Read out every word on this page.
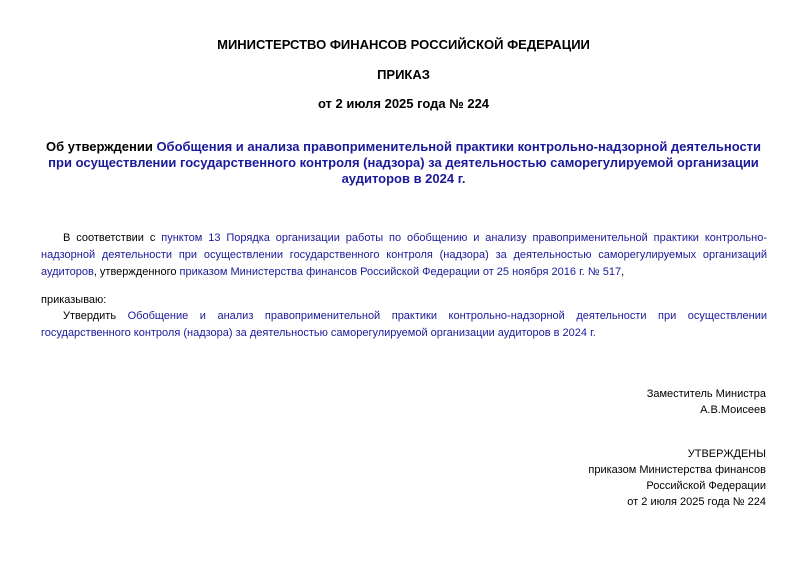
МИНИСТЕРСТВО ФИНАНСОВ РОССИЙСКОЙ ФЕДЕРАЦИИ
ПРИКАЗ
от 2 июля 2025 года № 224
Об утверждении Обобщения и анализа правоприменительной практики контрольно-надзорной деятельности при осуществлении государственного контроля (надзора) за деятельностью саморегулируемой организации аудиторов в 2024 г.
В соответствии с пунктом 13 Порядка организации работы по обобщению и анализу правоприменительной практики контрольно-надзорной деятельности при осуществлении государственного контроля (надзора) за деятельностью саморегулируемых организаций аудиторов, утвержденного приказом Министерства финансов Российской Федерации от 25 ноября 2016 г. № 517,
приказываю:
Утвердить Обобщение и анализ правоприменительной практики контрольно-надзорной деятельности при осуществлении государственного контроля (надзора) за деятельностью саморегулируемой организации аудиторов в 2024 г.
Заместитель Министра
А.В.Моисеев
УТВЕРЖДЕНЫ
приказом Министерства финансов
Российской Федерации
от 2 июля 2025 года № 224
